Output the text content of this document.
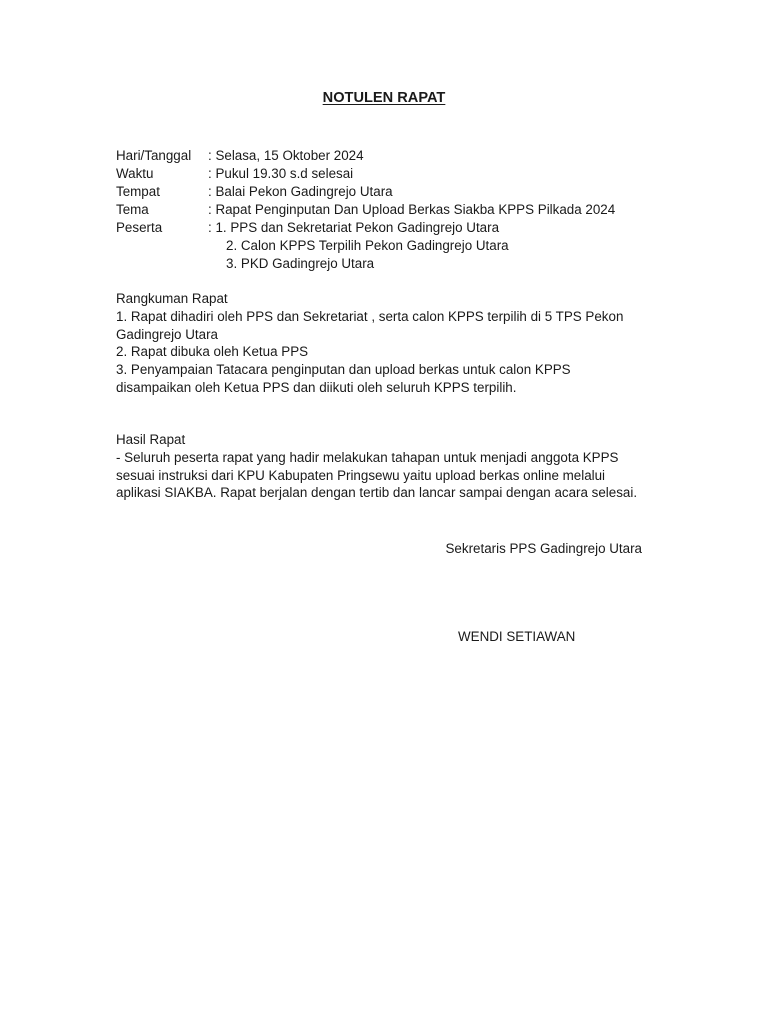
NOTULEN RAPAT
Hari/Tanggal	: Selasa, 15 Oktober 2024
Waktu	: Pukul 19.30 s.d selesai
Tempat	: Balai Pekon Gadingrejo Utara
Tema	: Rapat Penginputan Dan Upload Berkas Siakba KPPS Pilkada 2024
Peserta	: 1. PPS dan Sekretariat Pekon Gadingrejo Utara
2. Calon KPPS Terpilih Pekon Gadingrejo Utara
3. PKD Gadingrejo Utara

Rangkuman Rapat

1. Rapat dihadiri oleh PPS dan Sekretariat , serta calon KPPS terpilih di 5 TPS Pekon Gadingrejo Utara

2. Rapat dibuka oleh Ketua PPS

3. Penyampaian Tatacara penginputan dan upload berkas untuk calon KPPS disampaikan oleh Ketua PPS dan diikuti oleh seluruh KPPS terpilih.

Hasil Rapat

- Seluruh peserta rapat yang hadir melakukan tahapan untuk menjadi anggota KPPS sesuai instruksi dari KPU Kabupaten Pringsewu yaitu upload berkas online melalui aplikasi SIAKBA. Rapat berjalan dengan tertib dan lancar sampai dengan acara selesai.

Sekretaris PPS Gadingrejo Utara
WENDI SETIAWAN
